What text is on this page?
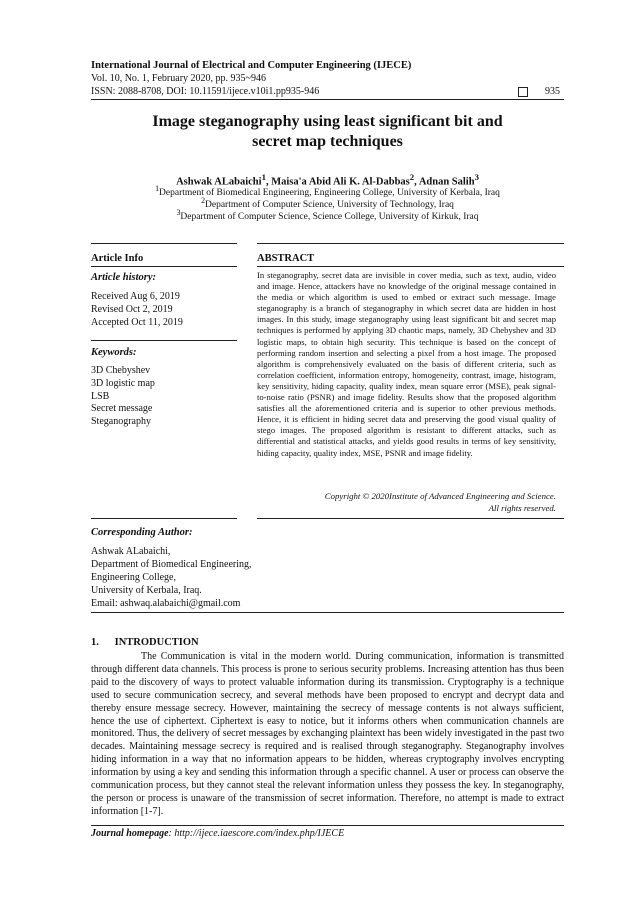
International Journal of Electrical and Computer Engineering (IJECE)
Vol. 10, No. 1, February 2020, pp. 935~946
ISSN: 2088-8708, DOI: 10.11591/ijece.v10i1.pp935-946	935
Image steganography using least significant bit and
secret map techniques
Ashwak ALabaichi$^1$, Maisa'a Abid Ali K. Al-Dabbas$^2$, Adnan Salih$^3$
$^1$Department of Biomedical Engineering, Engineering College, University of Kerbala, Iraq
$^2$Department of Computer Science, University of Technology, Iraq
$^3$Department of Computer Science, Science College, University of Kirkuk, Iraq
Article Info	ABSTRACT
Article history:
Received Aug 6, 2019
Revised Oct 2, 2019
Accepted Oct 11, 2019
Keywords:
3D Chebyshev
3D logistic map
LSB
Secret message
Steganography
In steganography, secret data are invisible in cover media, such as text, audio, video and image. Hence, attackers have no knowledge of the original message contained in the media or which algorithm is used to embed or extract such message. Image steganography is a branch of steganography in which secret data are hidden in host images. In this study, image steganography using least significant bit and secret map techniques is performed by applying 3D chaotic maps, namely, 3D Chebyshev and 3D logistic maps, to obtain high security. This technique is based on the concept of performing random insertion and selecting a pixel from a host image. The proposed algorithm is comprehensively evaluated on the basis of different criteria, such as correlation coefficient, information entropy, homogeneity, contrast, image, histogram, key sensitivity, hiding capacity, quality index, mean square error (MSE), peak signal-to-noise ratio (PSNR) and image fidelity. Results show that the proposed algorithm satisfies all the aforementioned criteria and is superior to other previous methods. Hence, it is efficient in hiding secret data and preserving the good visual quality of stego images. The proposed algorithm is resistant to different attacks, such as differential and statistical attacks, and yields good results in terms of key sensitivity, hiding capacity, quality index, MSE, PSNR and image fidelity.
Copyright © 2020Institute of Advanced Engineering and Science.
All rights reserved.
Corresponding Author:
Ashwak ALabaichi,
Department of Biomedical Engineering,
Engineering College,
University of Kerbala, Iraq.
Email: ashwaq.alabaichi@gmail.com
1.      INTRODUCTION

The Communication is vital in the modern world. During communication, information is transmitted through different data channels. This process is prone to serious security problems. Increasing attention has thus been paid to the discovery of ways to protect valuable information during its transmission. Cryptography is a technique used to secure communication secrecy, and several methods have been proposed to encrypt and decrypt data and thereby ensure message secrecy. However, maintaining the secrecy of message contents is not always sufficient, hence the use of ciphertext. Ciphertext is easy to notice, but it informs others when communication channels are monitored. Thus, the delivery of secret messages by exchanging plaintext has been widely investigated in the past two decades. Maintaining message secrecy is required and is realised through steganography. Steganography involves hiding information in a way that no information appears to be hidden, whereas cryptography involves encrypting information by using a key and sending this information through a specific channel. A user or process can observe the communication process, but they cannot steal the relevant information unless they possess the key. In steganography, the person or process is unaware of the transmission of secret information. Therefore, no attempt is made to extract information [1-7].

Journal homepage: http://ijece.iaescore.com/index.php/IJECE
